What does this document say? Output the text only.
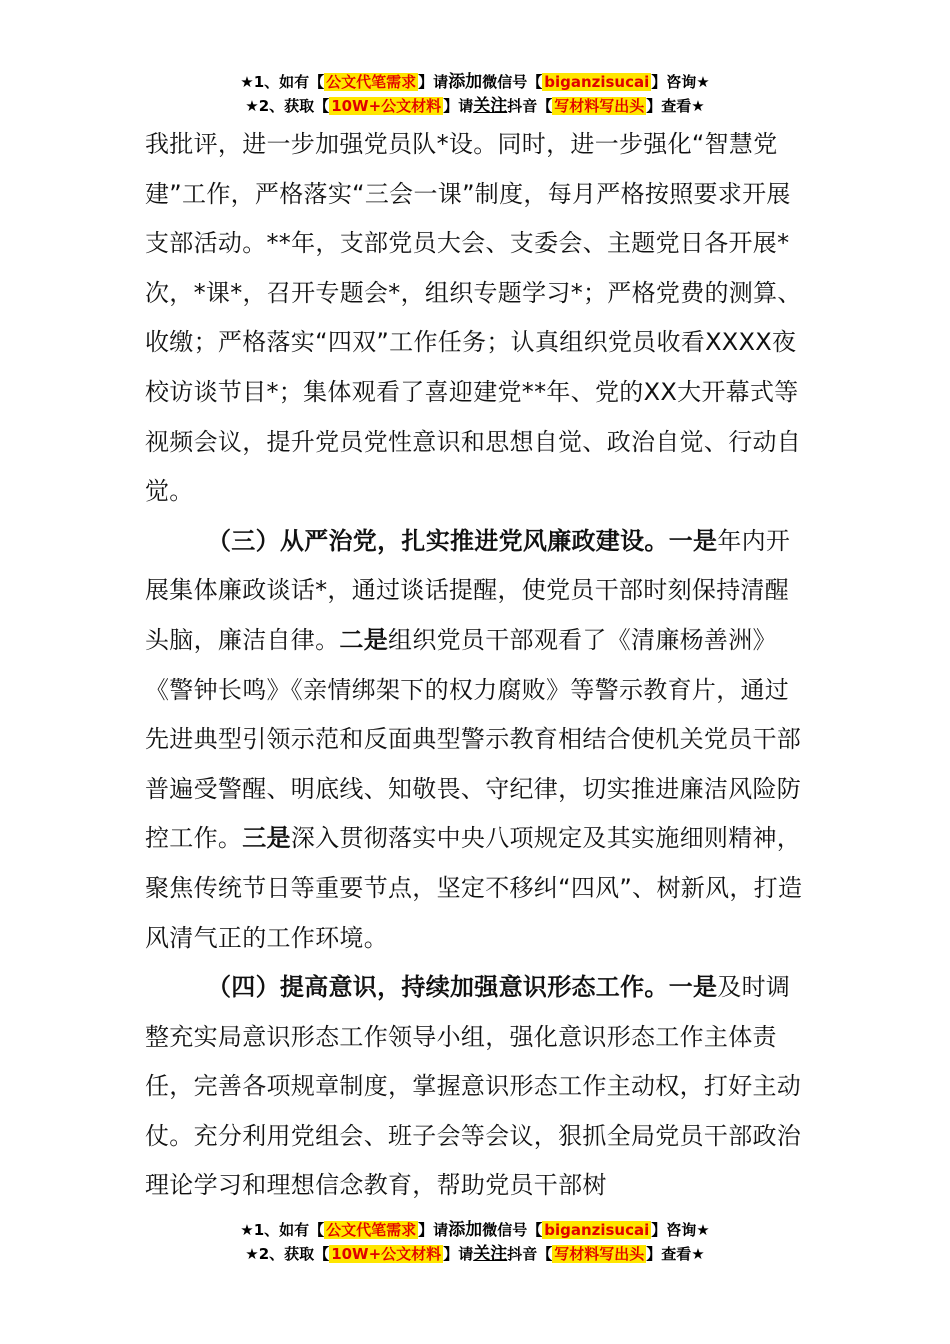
★1、如有【 公文代笔需求 】请添加微信号【 biganzisucai 】咨询★
★2、获取【 10W+公文材料 】请关注抖音【 写材料写出头 】查看★

我批评，进一步加强党员队*设。同时，进一步强化“智慧党建”工作，严格落实“三会一课”制度，每月严格按照要求开展支部活动。**年，支部党员大会、支委会、主题党日各开展*次，*课*，召开专题会*，组织专题学习*；严格党费的测算、收缴；严格落实“四双”工作任务；认真组织党员收看XXXX夜校访谈节目*；集体观看了喜迎建党**年、党的XX大开幕式等视频会议，提升党员党性意识和思想自觉、政治自觉、行动自觉。

（三）从严治党，扎实推进党风廉政建设。一是年内开展集体廉政谈话*，通过谈话提醒，使党员干部时刻保持清醒头脑，廉洁自律。二是组织党员干部观看了《清廉杨善洲》《警钟长鸣》《亲情绑架下的权力腐败》等警示教育片，通过先进典型引领示范和反面典型警示教育相结合使机关党员干部普遍受警醒、明底线、知敬畏、守纪律，切实推进廉洁风险防控工作。三是深入贯彻落实中央八项规定及其实施细则精神，聚焦传统节日等重要节点，坚定不移纠“四风”、树新风，打造风清气正的工作环境。

（四）提高意识，持续加强意识形态工作。一是及时调整充实局意识形态工作领导小组，强化意识形态工作主体责任，完善各项规章制度，掌握意识形态工作主动权，打好主动仗。充分利用党组会、班子会等会议，狠抓全局党员干部政治理论学习和理想信念教育，帮助党员干部树

★1、如有【 公文代笔需求 】请添加微信号【 biganzisucai 】咨询★
★2、获取【 10W+公文材料 】请关注抖音【 写材料写出头 】查看★
